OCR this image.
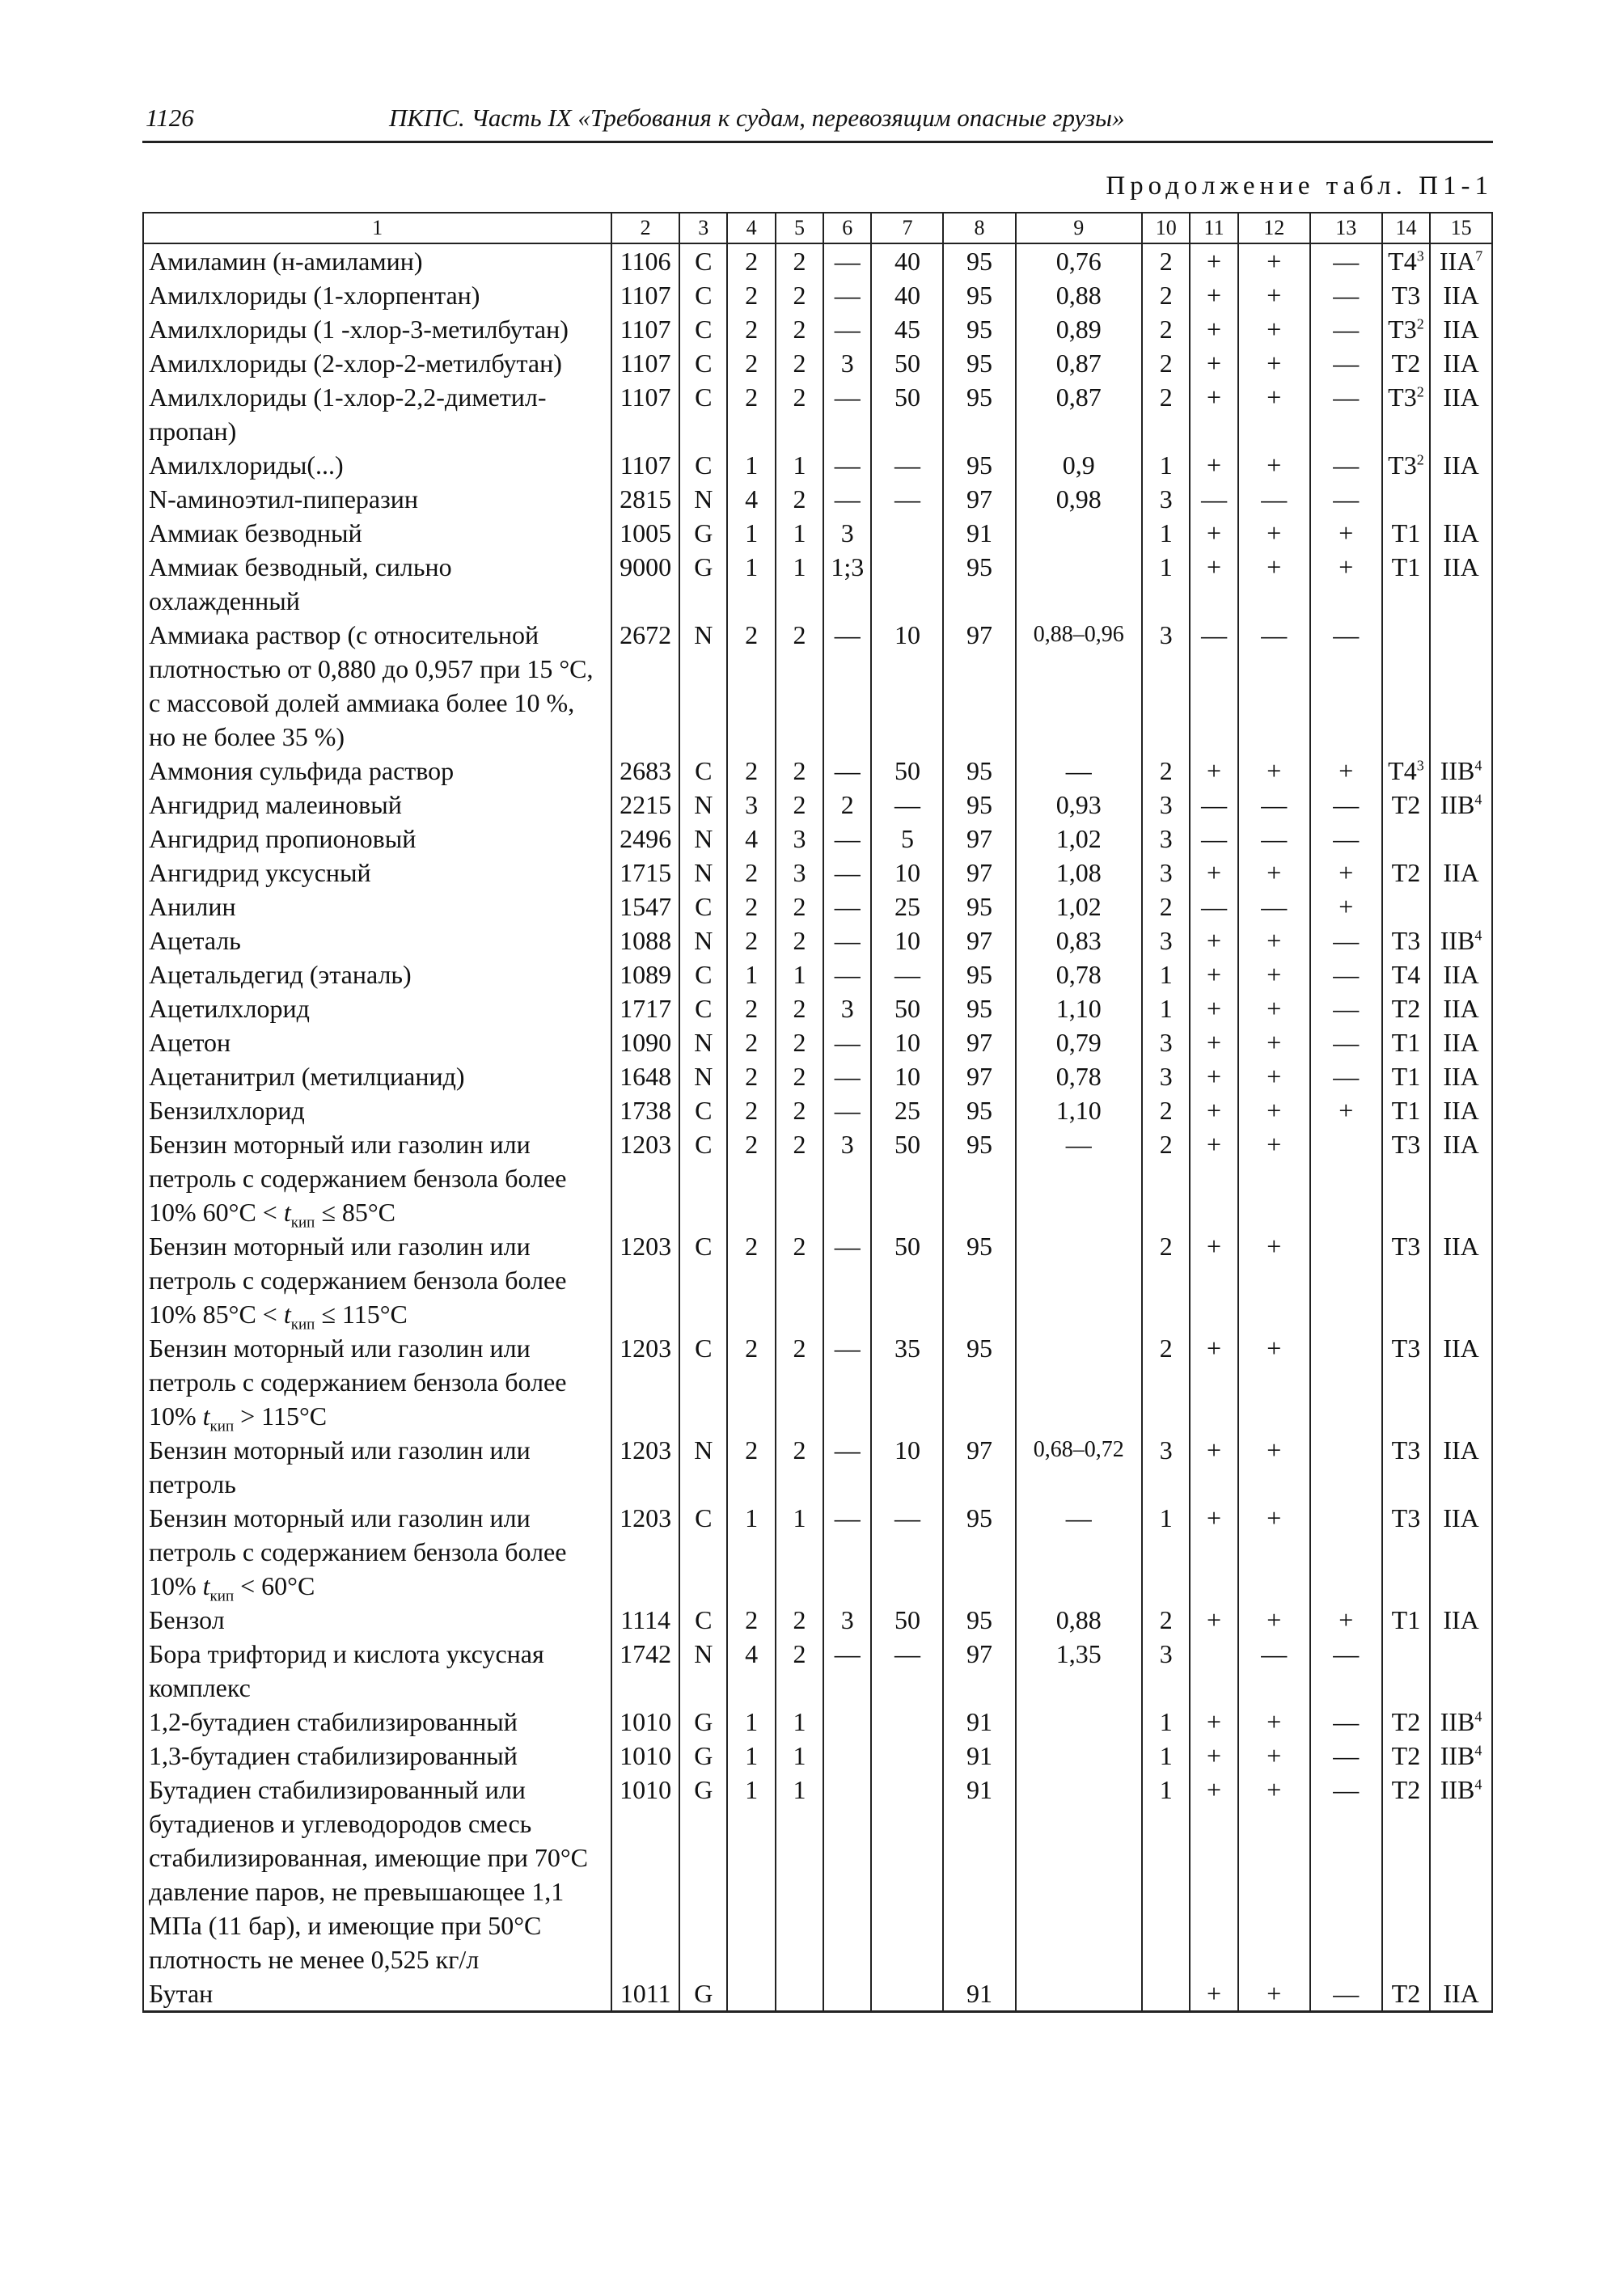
1126	ПКПС. Часть IX «Требования к судам, перевозящим опасные грузы»
Продолжение табл. П1-1
1	2	3	4	5	6	7	8	9	10	11	12	13	14	15
Амиламин (н-амиламин)	1106	C	2	2	—	40	95	0,76	2	+	+	—	$T4^3$	IIA$^7$
Амилхлориды (1-хлорпентан)	1107	C	2	2	—	40	95	0,88	2	+	+	—	T3	IIA
Амилхлориды (1 -хлор-3-метилбутан)	1107	C	2	2	—	45	95	0,89	2	+	+	—	$T3^2$	IIA
Амилхлориды (2-хлор-2-метилбутан)	1107	C	2	2	3	50	95	0,87	2	+	+	—	T2	IIA
Амилхлориды (1-хлор-2,2-диметил-пропан)	1107	C	2	2	—	50	95	0,87	2	+	+	—	$T3^2$	IIA
Амилхлориды(...)	1107	C	1	1	—	—	95	0,9	1	+	+	—	$T3^2$	IIA
N-аминоэтил-пиперазин	2815	N	4	2	—	—	97	0,98	3	—	—	—		
Аммиак безводный	1005	G	1	1	3		91		1	+	+	+	T1	IIA
Аммиак безводный, сильно охлажденный	9000	G	1	1	1;3		95		1	+	+	+	T1	IIA
Аммиака раствор (с относительной плотностью от 0,880 до 0,957 при 15 °C, с массовой долей аммиака более 10 %, но не более 35 %)	2672	N	2	2	—	10	97	0,88–0,96	3	—	—	—		
Аммония сульфида раствор	2683	C	2	2	—	50	95	—	2	+	+	+	$T4^3$	IIB$^4$
Ангидрид малеиновый	2215	N	3	2	2	—	95	0,93	3	—	—	—	T2	IIB$^4$
Ангидрид пропионовый	2496	N	4	3	—	5	97	1,02	3	—	—	—		
Ангидрид уксусный	1715	N	2	3	—	10	97	1,08	3	+	+	+	T2	IIA
Анилин	1547	C	2	2	—	25	95	1,02	2	—	—	+		
Ацеталь	1088	N	2	2	—	10	97	0,83	3	+	+	—	T3	IIB$^4$
Ацетальдегид (этаналь)	1089	C	1	1	—	—	95	0,78	1	+	+	—	T4	IIA
Ацетилхлорид	1717	C	2	2	3	50	95	1,10	1	+	+	—	T2	IIA
Ацетон	1090	N	2	2	—	10	97	0,79	3	+	+	—	T1	IIA
Ацетанитрил (метилцианид)	1648	N	2	2	—	10	97	0,78	3	+	+	—	T1	IIA
Бензилхлорид	1738	C	2	2	—	25	95	1,10	2	+	+	+	T1	IIA
Бензин моторный или газолин или петроль с содержанием бензола более 10% $60^\circ C < t_{кип} \le 85^\circ C$	1203	C	2	2	3	50	95	—	2	+	+		T3	IIA
Бензин моторный или газолин или петроль с содержанием бензола более 10% $85^\circ C < t_{кип} \le 115^\circ C$	1203	C	2	2	—	50	95		2	+	+		T3	IIA
Бензин моторный или газолин или петроль с содержанием бензола более 10% $t_{кип} > 115^\circ C$	1203	C	2	2	—	35	95		2	+	+		T3	IIA
Бензин моторный или газолин или петроль	1203	N	2	2	—	10	97	0,68–0,72	3	+	+		T3	IIA
Бензин моторный или газолин или петроль с содержанием бензола более 10% $t_{кип} < 60^\circ C$	1203	C	1	1	—	—	95	—	1	+	+		T3	IIA
Бензол	1114	C	2	2	3	50	95	0,88	2	+	+	+	T1	IIA
Бора трифторид и кислота уксусная комплекс	1742	N	4	2	—	—	97	1,35	3		—	—		
1,2-бутадиен стабилизированный	1010	G	1	1			91		1	+	+	—	T2	IIB$^4$
1,3-бутадиен стабилизированный	1010	G	1	1			91		1	+	+	—	T2	IIB$^4$
Бутадиен стабилизированный или бутадиенов и углеводородов смесь стабилизированная, имеющие при 70°C давление паров, не превышающее 1,1 МПа (11 бар), и имеющие при 50°C плотность не менее 0,525 кг/л	1010	G	1	1			91		1	+	+	—	T2	IIB$^4$
Бутан	1011	G					91			+	+	—	T2	IIA
